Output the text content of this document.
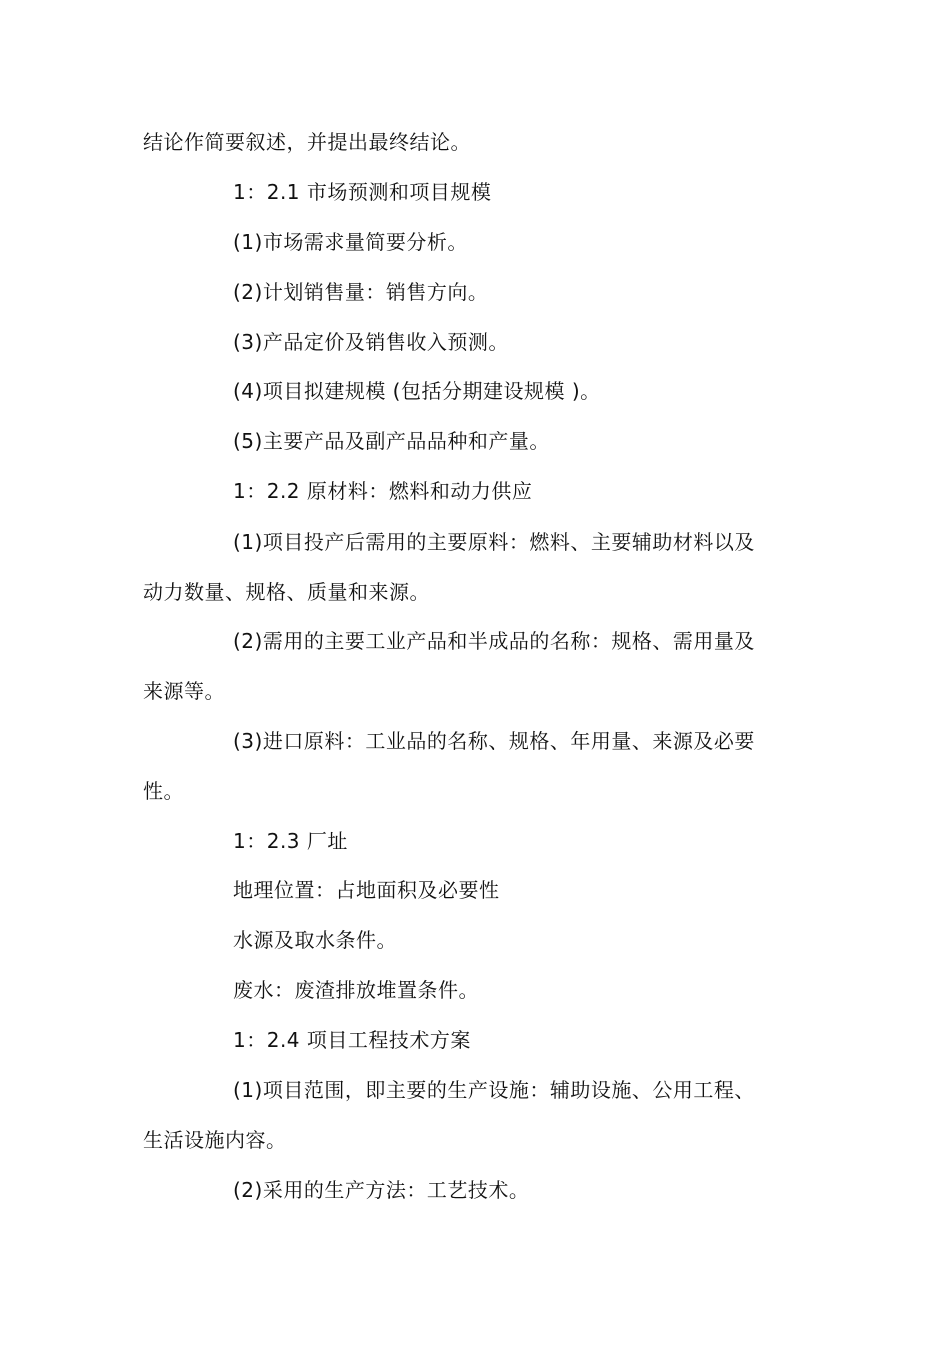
结论作简要叙述，并提出最终结论。
1：2.1 市场预测和项目规模
(1)市场需求量简要分析。
(2)计划销售量：销售方向。
(3)产品定价及销售收入预测。
(4)项目拟建规模 (包括分期建设规模 )。
(5)主要产品及副产品品种和产量。
1：2.2 原材料：燃料和动力供应
(1)项目投产后需用的主要原料：燃料、主要辅助材料以及
动力数量、规格、质量和来源。
(2)需用的主要工业产品和半成品的名称：规格、需用量及
来源等。
(3)进口原料：工业品的名称、规格、年用量、来源及必要
性。
1：2.3 厂址
地理位置：占地面积及必要性
水源及取水条件。
废水：废渣排放堆置条件。
1：2.4 项目工程技术方案
(1)项目范围，即主要的生产设施：辅助设施、公用工程、
生活设施内容。
(2)采用的生产方法：工艺技术。
